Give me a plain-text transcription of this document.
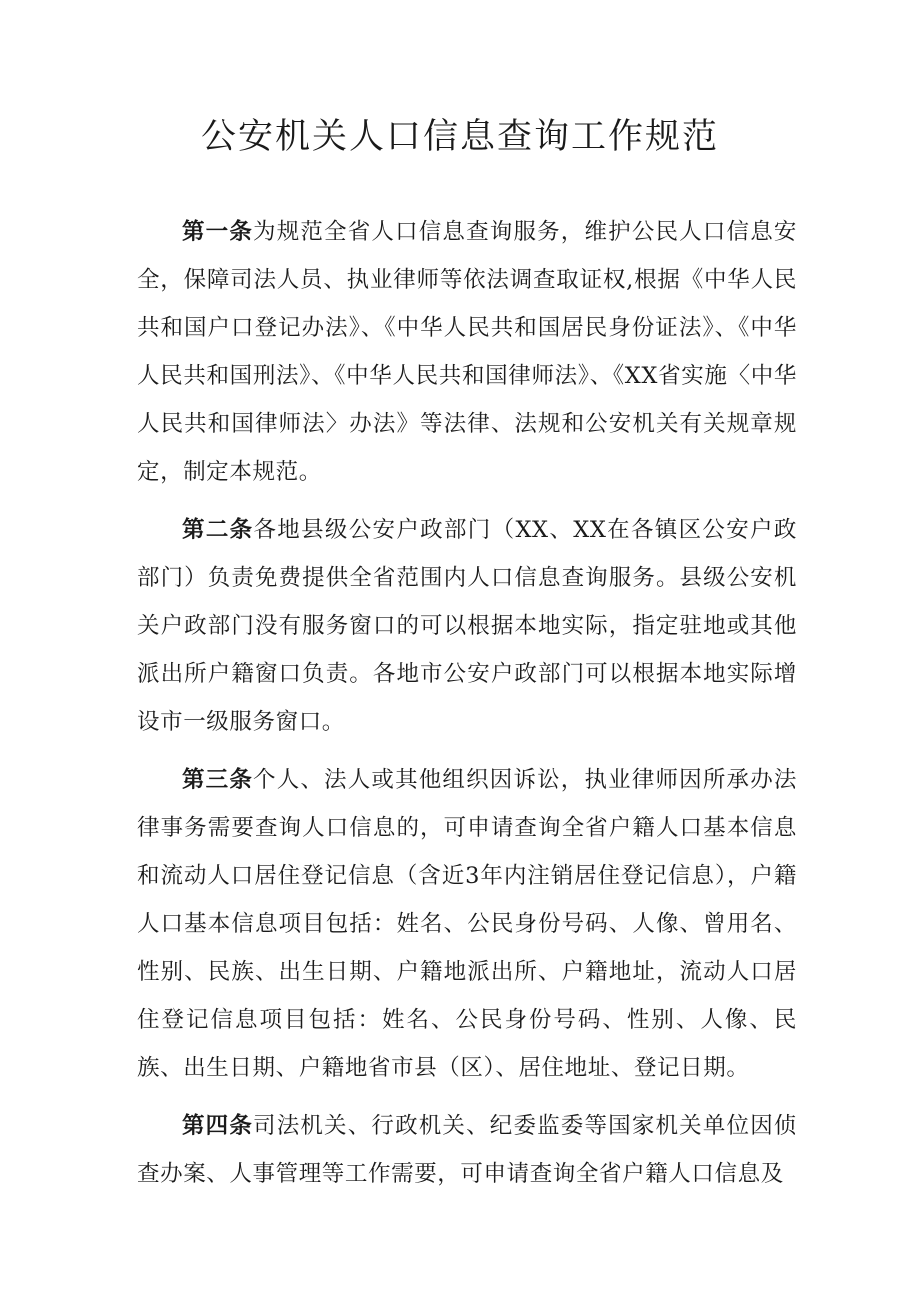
公安机关人口信息查询工作规范

第一条为规范全省人口信息查询服务，维护公民人口信息安全，保障司法人员、执业律师等依法调查取证权,根据《中华人民共和国户口登记办法》、《中华人民共和国居民身份证法》、《中华人民共和国刑法》、《中华人民共和国律师法》、《XX省实施〈中华人民共和国律师法〉办法》等法律、法规和公安机关有关规章规定，制定本规范。

第二条各地县级公安户政部门（XX、XX在各镇区公安户政部门）负责免费提供全省范围内人口信息查询服务。县级公安机关户政部门没有服务窗口的可以根据本地实际，指定驻地或其他派出所户籍窗口负责。各地市公安户政部门可以根据本地实际增设市一级服务窗口。

第三条个人、法人或其他组织因诉讼，执业律师因所承办法律事务需要查询人口信息的，可申请查询全省户籍人口基本信息和流动人口居住登记信息（含近3年内注销居住登记信息），户籍人口基本信息项目包括：姓名、公民身份号码、人像、曾用名、性别、民族、出生日期、户籍地派出所、户籍地址，流动人口居住登记信息项目包括：姓名、公民身份号码、性别、人像、民族、出生日期、户籍地省市县（区）、居住地址、登记日期。

第四条司法机关、行政机关、纪委监委等国家机关单位因侦查办案、人事管理等工作需要，可申请查询全省户籍人口信息及
